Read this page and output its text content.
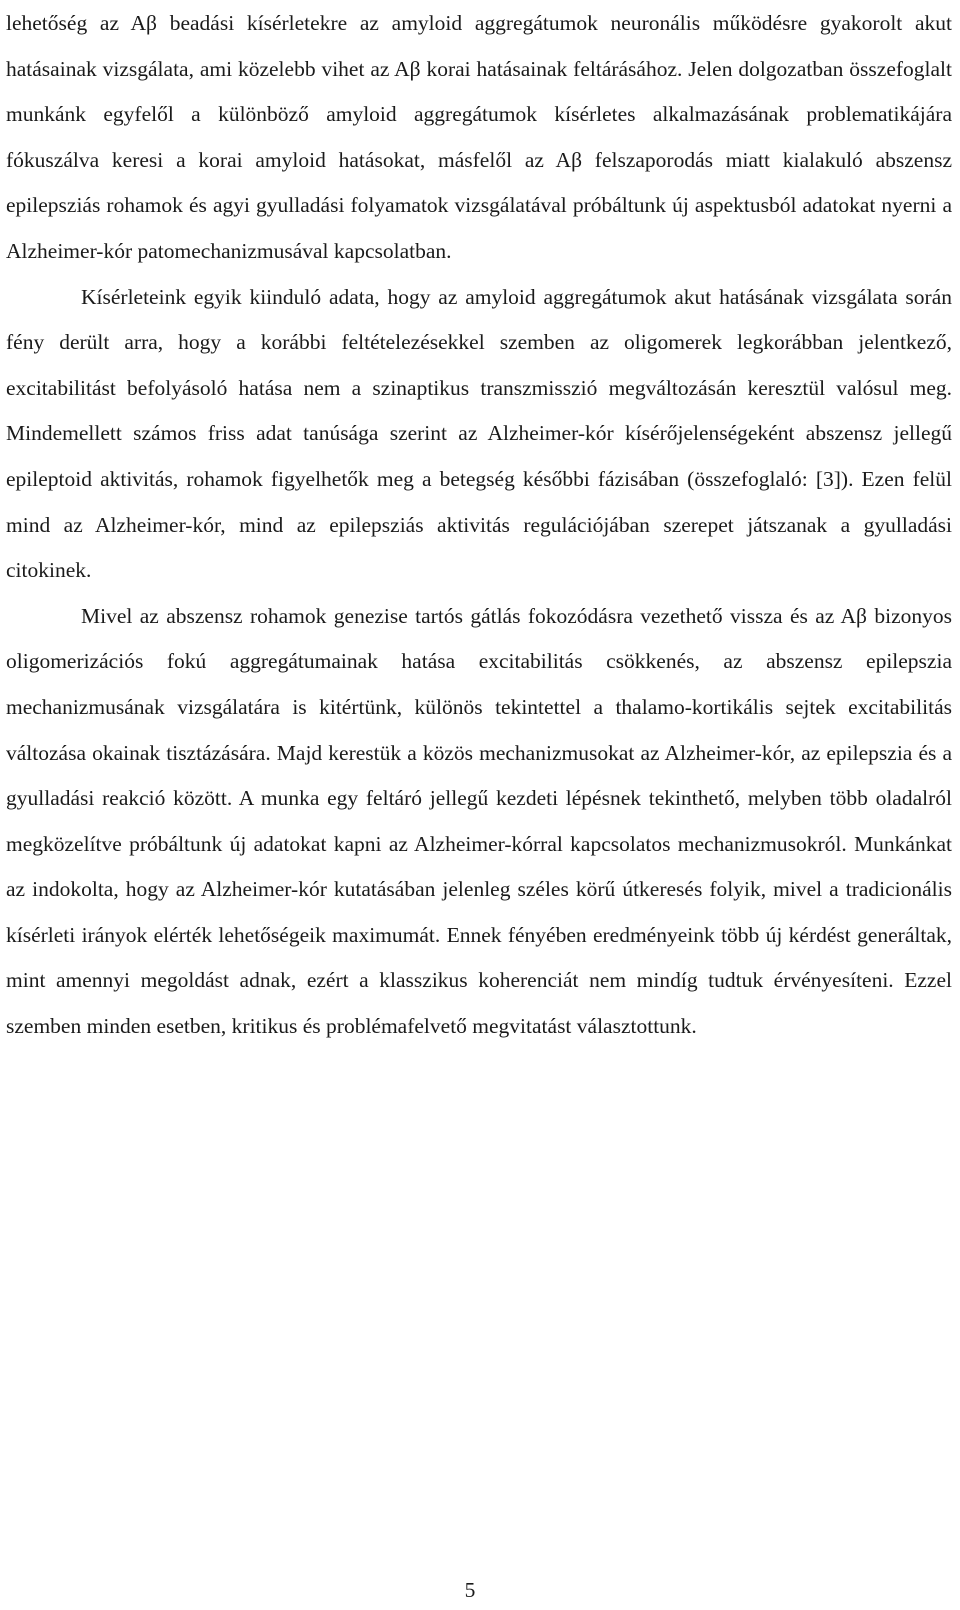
lehetőség az Aβ beadási kísérletekre az amyloid aggregátumok neuronális működésre gyakorolt akut hatásainak vizsgálata, ami közelebb vihet az Aβ korai hatásainak feltárásához. Jelen dolgozatban összefoglalt munkánk egyfelől a különböző amyloid aggregátumok kísérletes alkalmazásának problematikájára fókuszálva keresi a korai amyloid hatásokat, másfelől az Aβ felszaporodás miatt kialakuló abszensz epilepsziás rohamok és agyi gyulladási folyamatok vizsgálatával próbáltunk új aspektusból adatokat nyerni a Alzheimer-kór patomechanizmusával kapcsolatban.

Kísérleteink egyik kiinduló adata, hogy az amyloid aggregátumok akut hatásának vizsgálata során fény derült arra, hogy a korábbi feltételezésekkel szemben az oligomerek legkorábban jelentkező, excitabilitást befolyásoló hatása nem a szinaptikus transzmisszió megváltozásán keresztül valósul meg. Mindemellett számos friss adat tanúsága szerint az Alzheimer-kór kísérőjelenségeként abszensz jellegű epileptoid aktivitás, rohamok figyelhetők meg a betegség későbbi fázisában (összefoglaló: [3]). Ezen felül mind az Alzheimer-kór, mind az epilepsziás aktivitás regulációjában szerepet játszanak a gyulladási citokinek.

Mivel az abszensz rohamok genezise tartós gátlás fokozódásra vezethető vissza és az Aβ bizonyos oligomerizációs fokú aggregátumainak hatása excitabilitás csökkenés, az abszensz epilepszia mechanizmusának vizsgálatára is kitértünk, különös tekintettel a thalamo-kortikális sejtek excitabilitás változása okainak tisztázására. Majd kerestük a közös mechanizmusokat az Alzheimer-kór, az epilepszia és a gyulladási reakció között. A munka egy feltáró jellegű kezdeti lépésnek tekinthető, melyben több oladalról megközelítve próbáltunk új adatokat kapni az Alzheimer-kórral kapcsolatos mechanizmusokról. Munkánkat az indokolta, hogy az Alzheimer-kór kutatásában jelenleg széles körű útkeresés folyik, mivel a tradicionális kísérleti irányok elérték lehetőségeik maximumát. Ennek fényében eredményeink több új kérdést generáltak, mint amennyi megoldást adnak, ezért a klasszikus koherenciát nem mindíg tudtuk érvényesíteni. Ezzel szemben minden esetben, kritikus és problémafelvető megvitatást választottunk.

5
